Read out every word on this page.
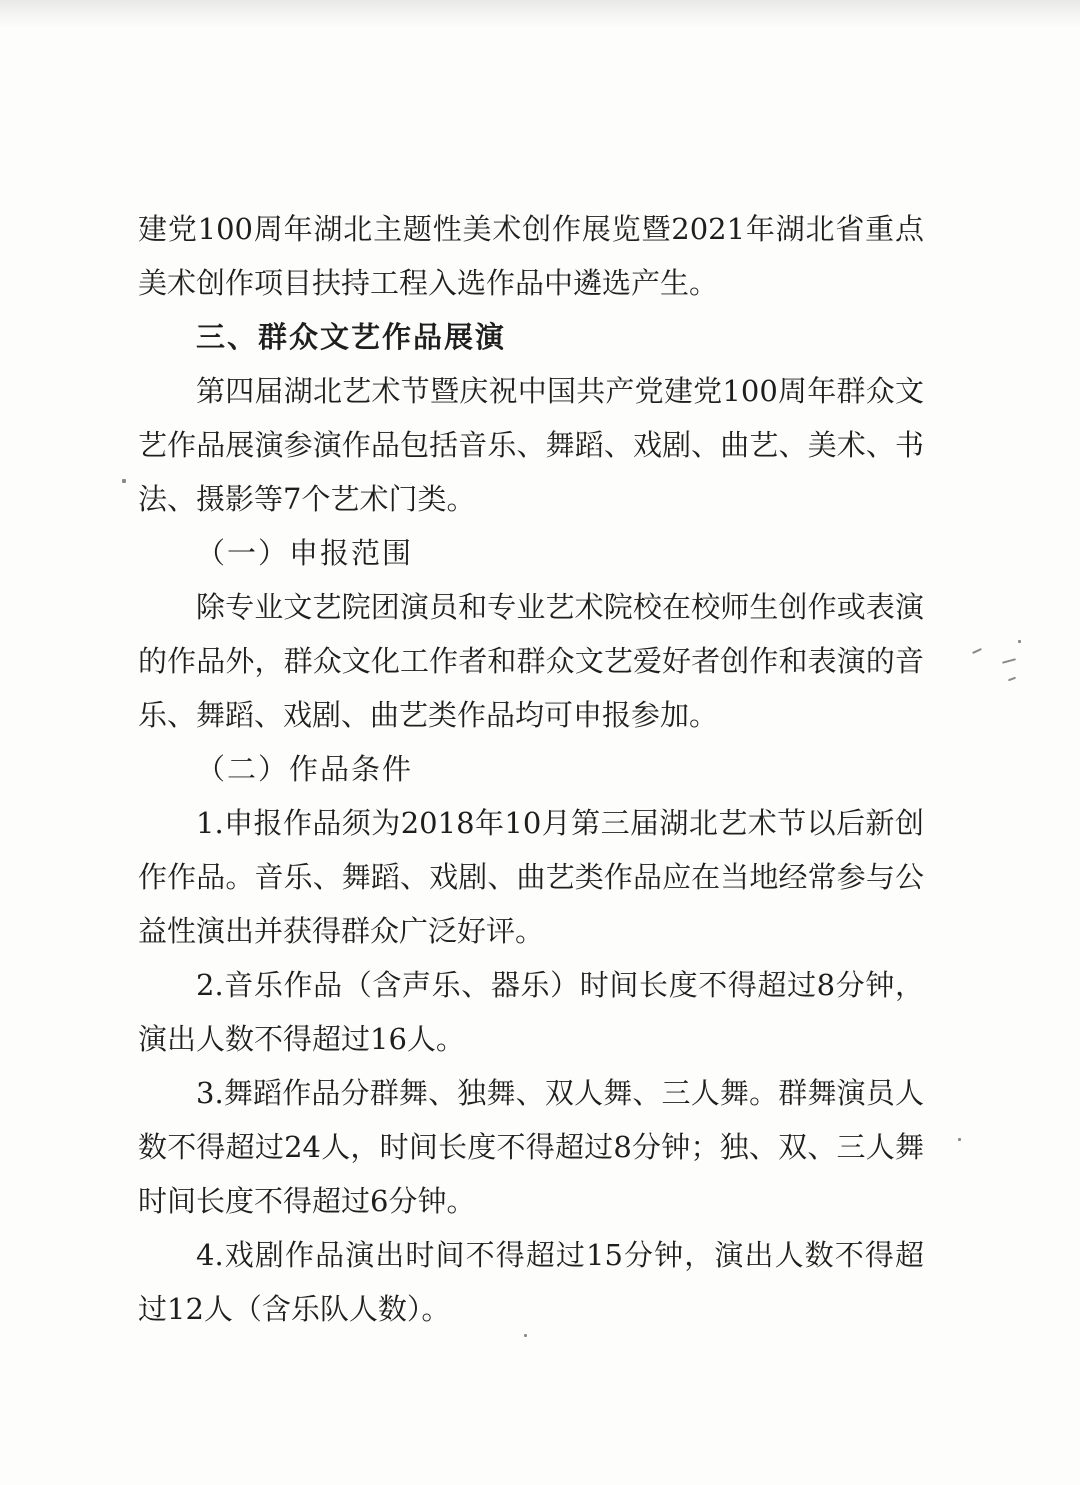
建党100周年湖北主题性美术创作展览暨2021年湖北省重点美术创作项目扶持工程入选作品中遴选产生。

三、群众文艺作品展演

第四届湖北艺术节暨庆祝中国共产党建党100周年群众文艺作品展演参演作品包括音乐、舞蹈、戏剧、曲艺、美术、书法、摄影等7个艺术门类。

（一）申报范围

除专业文艺院团演员和专业艺术院校在校师生创作或表演的作品外，群众文化工作者和群众文艺爱好者创作和表演的音乐、舞蹈、戏剧、曲艺类作品均可申报参加。

（二）作品条件

1.申报作品须为2018年10月第三届湖北艺术节以后新创作作品。音乐、舞蹈、戏剧、曲艺类作品应在当地经常参与公益性演出并获得群众广泛好评。

2.音乐作品（含声乐、器乐）时间长度不得超过8分钟，演出人数不得超过16人。

3.舞蹈作品分群舞、独舞、双人舞、三人舞。群舞演员人数不得超过24人，时间长度不得超过8分钟；独、双、三人舞时间长度不得超过6分钟。

4.戏剧作品演出时间不得超过15分钟，演出人数不得超过12人（含乐队人数）。
